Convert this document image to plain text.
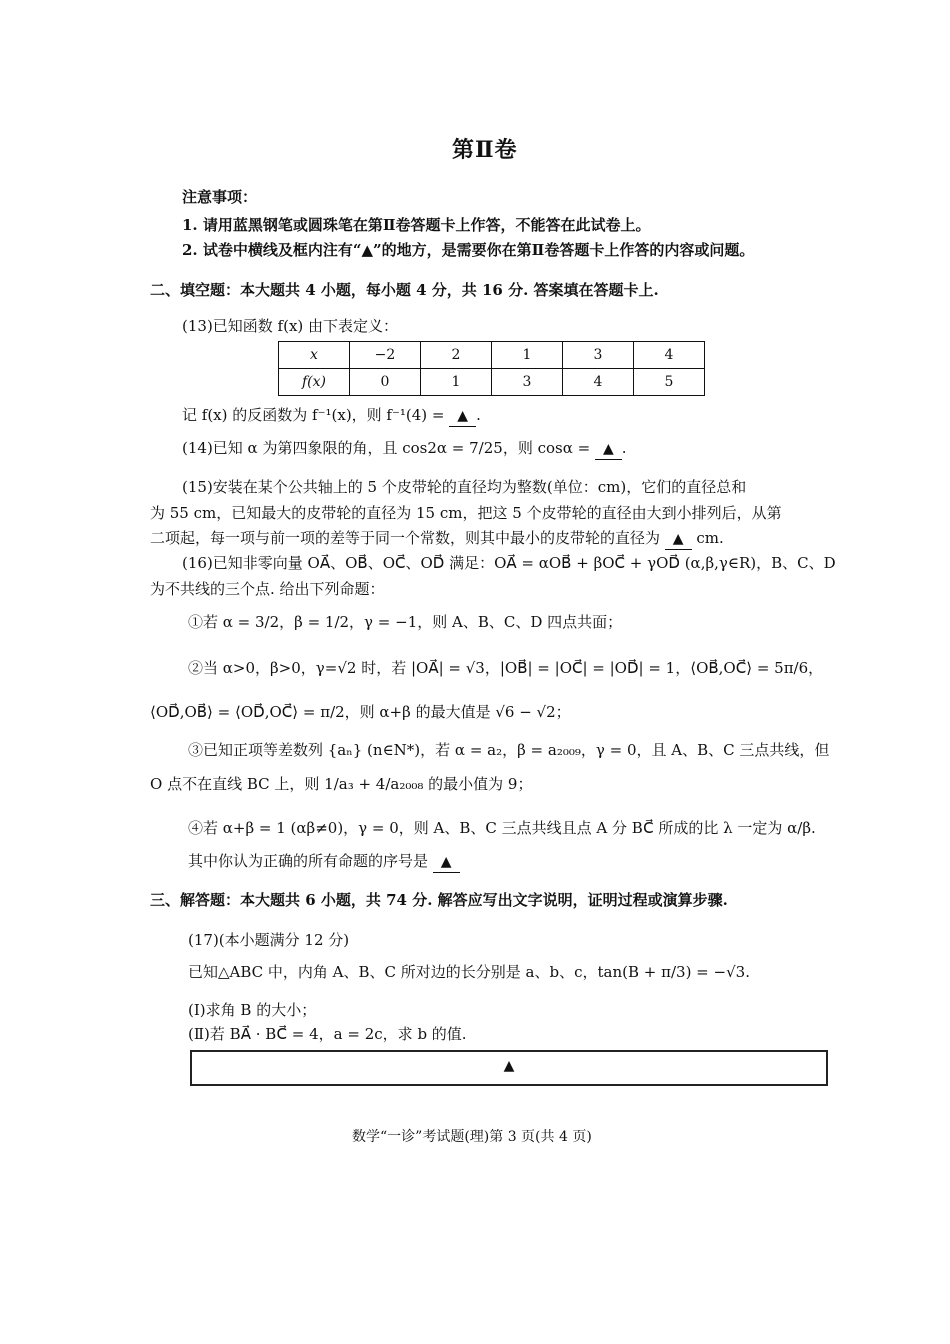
第Ⅱ卷
注意事项：
1. 请用蓝黑钢笔或圆珠笔在第Ⅱ卷答题卡上作答，不能答在此试卷上。
2. 试卷中横线及框内注有“▲”的地方，是需要你在第Ⅱ卷答题卡上作答的内容或问题。
二、填空题：本大题共 4 小题，每小题 4 分，共 16 分. 答案填在答题卡上.
(13)已知函数 f(x) 由下表定义：
x	−2	2	1	3	4
f(x)	0	1	3	4	5
记 f(x) 的反函数为 f⁻¹(x)，则 f⁻¹(4) = ▲ .
(14)已知 α 为第四象限的角，且 cos2α = 7/25，则 cosα = ▲ .
(15)安装在某个公共轴上的 5 个皮带轮的直径均为整数(单位：cm)，它们的直径总和
为 55 cm，已知最大的皮带轮的直径为 15 cm，把这 5 个皮带轮的直径由大到小排列后，从第
二项起，每一项与前一项的差等于同一个常数，则其中最小的皮带轮的直径为 ▲ cm.
(16)已知非零向量 OA⃗、OB⃗、OC⃗、OD⃗ 满足：OA⃗ = αOB⃗ + βOC⃗ + γOD⃗ (α,β,γ∈R)，B、C、D
为不共线的三个点. 给出下列命题：
①若 α = 3/2，β = 1/2，γ = −1，则 A、B、C、D 四点共面；
②当 α>0，β>0，γ=√2 时，若 |OA⃗| = √3，|OB⃗| = |OC⃗| = |OD⃗| = 1，⟨OB⃗,OC⃗⟩ = 5π/6，
⟨OD⃗,OB⃗⟩ = ⟨OD⃗,OC⃗⟩ = π/2，则 α+β 的最大值是 √6 − √2；
③已知正项等差数列 {aₙ} (n∈N*)，若 α = a₂，β = a₂₀₀₉，γ = 0，且 A、B、C 三点共线，但
O 点不在直线 BC 上，则 1/a₃ + 4/a₂₀₀₈ 的最小值为 9；
④若 α+β = 1 (αβ≠0)，γ = 0，则 A、B、C 三点共线且点 A 分 BC⃗ 所成的比 λ 一定为 α/β.
其中你认为正确的所有命题的序号是 ▲
三、解答题：本大题共 6 小题，共 74 分. 解答应写出文字说明，证明过程或演算步骤.
(17)(本小题满分 12 分)
已知△ABC 中，内角 A、B、C 所对边的长分别是 a、b、c，tan(B + π/3) = −√3.
(Ⅰ)求角 B 的大小；
(Ⅱ)若 BA⃗ · BC⃗ = 4，a = 2c，求 b 的值.
▲
数学“一诊”考试题(理)第 3 页(共 4 页)
